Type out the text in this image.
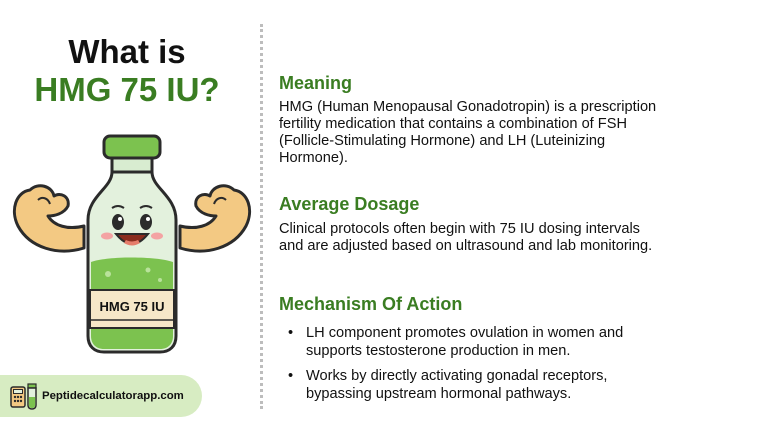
What is
HMG 75 IU?
HMG 75 IU
Meaning
HMG (Human Menopausal Gonadotropin) is a prescription
fertility medication that contains a combination of FSH
(Follicle-Stimulating Hormone) and LH (Luteinizing
Hormone).
Average Dosage
Clinical protocols often begin with 75 IU dosing intervals
and are adjusted based on ultrasound and lab monitoring.
Mechanism Of Action
• LH component promotes ovulation in women and
supports testosterone production in men.
• Works by directly activating gonadal receptors,
bypassing upstream hormonal pathways.
Peptidecalculatorapp.com
